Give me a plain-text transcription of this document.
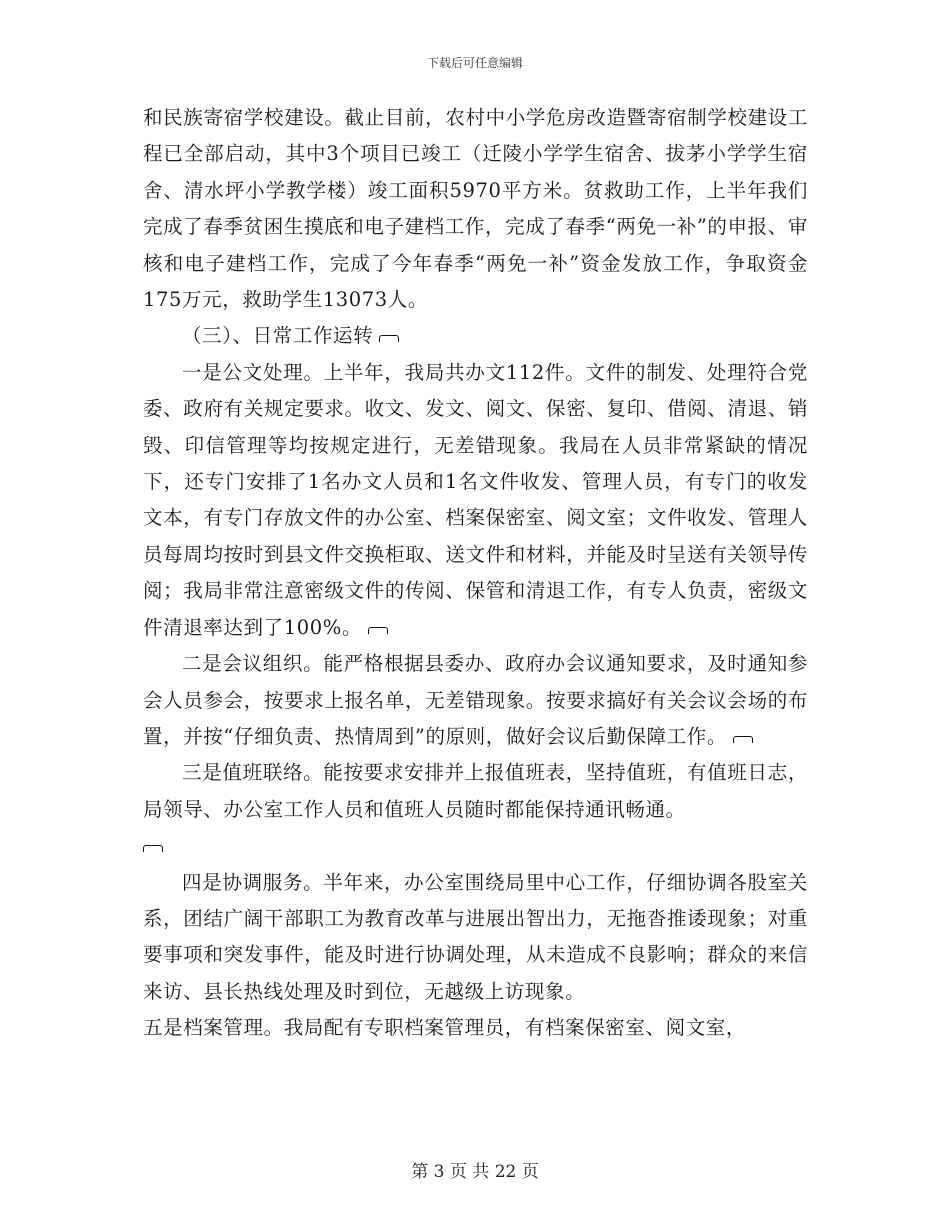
下载后可任意编辑

和民族寄宿学校建设。截止目前，农村中小学危房改造暨寄宿制学校建设工程已全部启动，其中3个项目已竣工（迁陵小学学生宿舍、拔茅小学学生宿舍、清水坪小学教学楼）竣工面积5970平方米。贫救助工作，上半年我们完成了春季贫困生摸底和电子建档工作，完成了春季“两免一补”的申报、审核和电子建档工作，完成了今年春季“两免一补”资金发放工作，争取资金175万元，救助学生13073人。

（三）、日常工作运转

一是公文处理。上半年，我局共办文112件。文件的制发、处理符合党委、政府有关规定要求。收文、发文、阅文、保密、复印、借阅、清退、销毁、印信管理等均按规定进行，无差错现象。我局在人员非常紧缺的情况下，还专门安排了1名办文人员和1名文件收发、管理人员，有专门的收发文本，有专门存放文件的办公室、档案保密室、阅文室；文件收发、管理人员每周均按时到县文件交换柜取、送文件和材料，并能及时呈送有关领导传阅；我局非常注意密级文件的传阅、保管和清退工作，有专人负责，密级文件清退率达到了100%。

二是会议组织。能严格根据县委办、政府办会议通知要求，及时通知参会人员参会，按要求上报名单，无差错现象。按要求搞好有关会议会场的布置，并按“仔细负责、热情周到”的原则，做好会议后勤保障工作。

三是值班联络。能按要求安排并上报值班表，坚持值班，有值班日志，局领导、办公室工作人员和值班人员随时都能保持通讯畅通。

四是协调服务。半年来，办公室围绕局里中心工作，仔细协调各股室关系，团结广阔干部职工为教育改革与进展出智出力，无拖沓推诿现象；对重要事项和突发事件，能及时进行协调处理，从未造成不良影响；群众的来信来访、县长热线处理及时到位，无越级上访现象。

五是档案管理。我局配有专职档案管理员，有档案保密室、阅文室，

第 3 页 共 22 页
